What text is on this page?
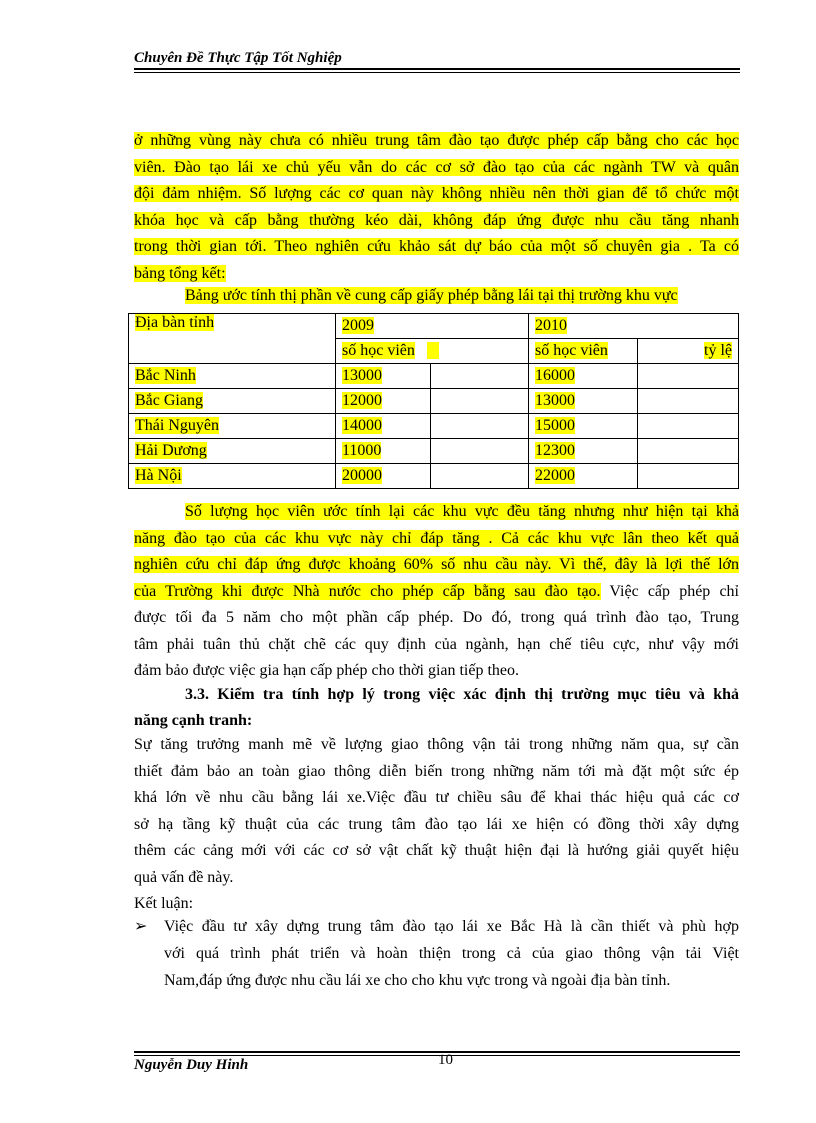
Chuyên Đề Thực Tập Tốt Nghiệp
ở những vùng này chưa có nhiều trung tâm đào tạo được phép cấp bằng cho các học
viên. Đào tạo lái xe chủ yếu vẫn do các cơ sở đào tạo của các ngành TW và quân
đội đảm nhiệm. Số lượng các cơ quan này không nhiều nên thời gian để tổ chức một
khóa học và cấp bằng thường kéo dài, không đáp ứng được nhu cầu tăng nhanh
trong thời gian tới. Theo nghiên cứu khảo sát dự báo của một số chuyên gia . Ta có
bảng tổng kết:
Bảng ước tính thị phần về cung cấp giấy phép bằng lái tại thị trường khu vực
Địa bàn tỉnh	2009		2010	
	số học viên		số học viên	tỷ lệ
Bắc Ninh	13000		16000	
Bắc Giang	12000		13000	
Thái Nguyên	14000		15000	
Hải Dương	11000		12300	
Hà Nội	20000		22000	
Số lượng học viên ước tính lại các khu vực đều tăng nhưng như hiện tại khả
năng đào tạo của các khu vực này chỉ đáp tăng . Cả các khu vực lân theo kết quả
nghiên cứu chỉ đáp ứng được khoảng 60% số nhu cầu này. Vì thế, đây là lợi thế lớn
của Trường khi được Nhà nước cho phép cấp bằng sau đào tạo. Việc cấp phép chỉ
được tối đa 5 năm cho một phần cấp phép. Do đó, trong quá trình đào tạo, Trung
tâm phải tuân thủ chặt chẽ các quy định của ngành, hạn chế tiêu cực, như vậy mới
đảm bảo được việc gia hạn cấp phép cho thời gian tiếp theo.
3.3. Kiểm tra tính hợp lý trong việc xác định thị trường mục tiêu và khả
năng cạnh tranh:
Sự tăng trưởng manh mẽ về lượng giao thông vận tải trong những năm qua, sự cần
thiết đảm bảo an toàn giao thông diễn biến trong những năm tới mà đặt một sức ép
khá lớn về nhu cầu bằng lái xe.Việc đầu tư chiều sâu để khai thác hiệu quả các cơ
sở hạ tầng kỹ thuật của các trung tâm đào tạo lái xe hiện có đồng thời xây dựng
thêm các cảng mới với các cơ sở vật chất kỹ thuật hiện đại là hướng giải quyết hiệu
quả vấn đề này.
Kết luận:
➢ Việc đầu tư xây dựng trung tâm đào tạo lái xe Bắc Hà là cần thiết và phù hợp
với quá trình phát triển và hoàn thiện trong cả của giao thông vận tải Việt
Nam,đáp ứng được nhu cầu lái xe cho cho khu vực trong và ngoài địa bàn tỉnh.
Nguyễn Duy Hinh	10
